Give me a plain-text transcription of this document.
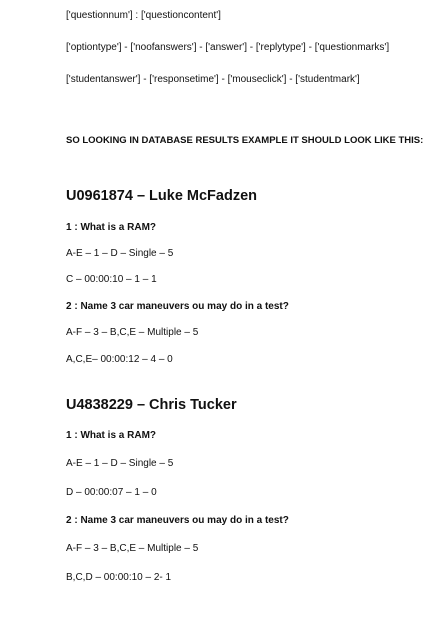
['questionnum'] : ['questioncontent']
['optiontype'] - ['noofanswers'] - ['answer'] - ['replytype'] - ['questionmarks']
['studentanswer'] - ['responsetime'] - ['mouseclick'] - ['studentmark']
SO LOOKING IN DATABASE RESULTS EXAMPLE IT SHOULD LOOK LIKE THIS:
U0961874 – Luke McFadzen
1 : What is a RAM?
A-E – 1 – D – Single – 5
C – 00:00:10 – 1 – 1
2 : Name 3 car maneuvers ou may do in a test?
A-F – 3 – B,C,E – Multiple – 5
A,C,E– 00:00:12 – 4 – 0
U4838229 – Chris Tucker
1 : What is a RAM?
A-E – 1 – D – Single – 5
D – 00:00:07 – 1 – 0
2 : Name 3 car maneuvers ou may do in a test?
A-F – 3 – B,C,E – Multiple – 5
B,C,D – 00:00:10 – 2- 1
